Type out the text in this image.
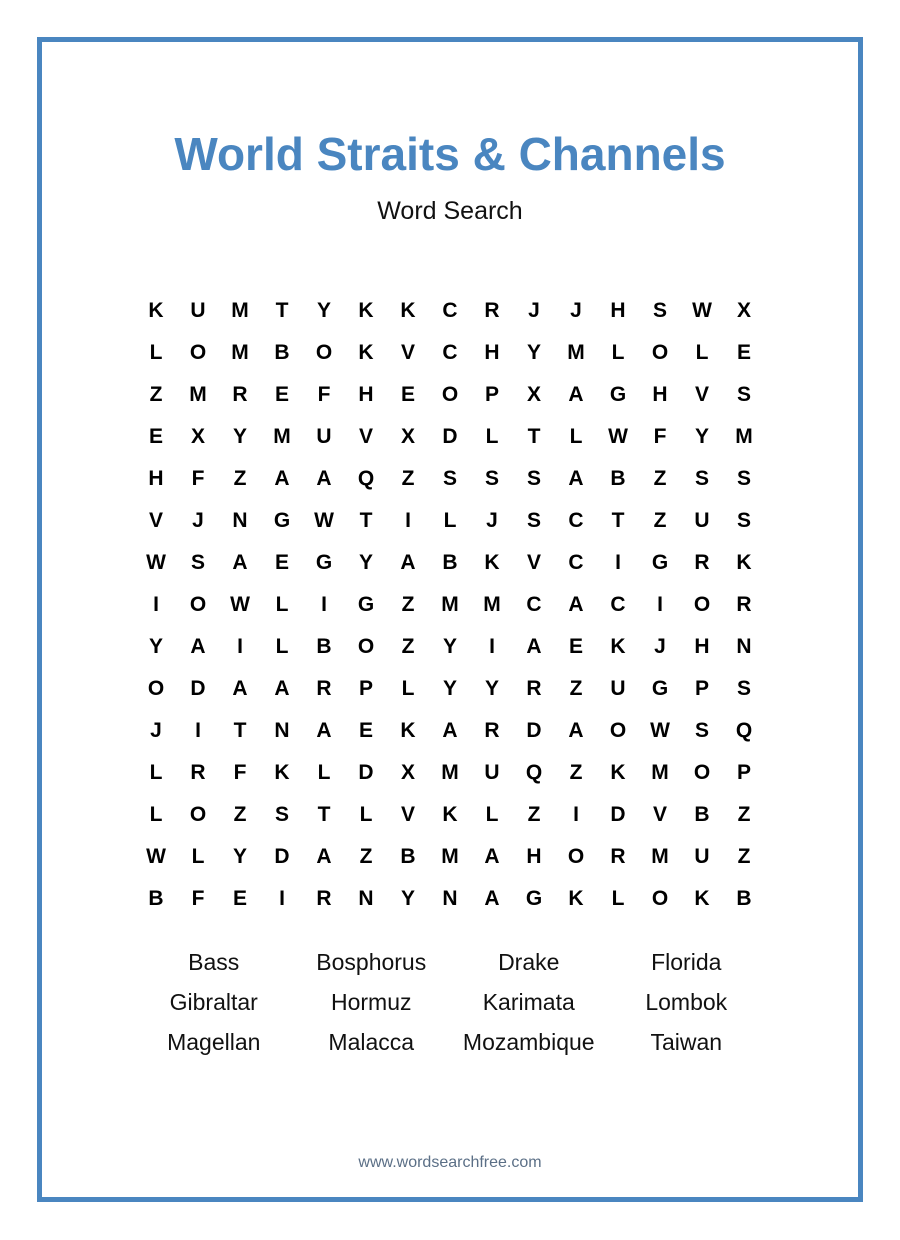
World Straits & Channels
Word Search
K	U	M	T	Y	K	K	C	R	J	J	H	S	W	X
L	O	M	B	O	K	V	C	H	Y	M	L	O	L	E
Z	M	R	E	F	H	E	O	P	X	A	G	H	V	S
E	X	Y	M	U	V	X	D	L	T	L	W	F	Y	M
H	F	Z	A	A	Q	Z	S	S	S	A	B	Z	S	S
V	J	N	G	W	T	I	L	J	S	C	T	Z	U	S
W	S	A	E	G	Y	A	B	K	V	C	I	G	R	K
I	O	W	L	I	G	Z	M	M	C	A	C	I	O	R
Y	A	I	L	B	O	Z	Y	I	A	E	K	J	H	N
O	D	A	A	R	P	L	Y	Y	R	Z	U	G	P	S
J	I	T	N	A	E	K	A	R	D	A	O	W	S	Q
L	R	F	K	L	D	X	M	U	Q	Z	K	M	O	P
L	O	Z	S	T	L	V	K	L	Z	I	D	V	B	Z
W	L	Y	D	A	Z	B	M	A	H	O	R	M	U	Z
B	F	E	I	R	N	Y	N	A	G	K	L	O	K	B
Bass	Bosphorus	Drake	Florida
Gibraltar	Hormuz	Karimata	Lombok
Magellan	Malacca	Mozambique	Taiwan
www.wordsearchfree.com
